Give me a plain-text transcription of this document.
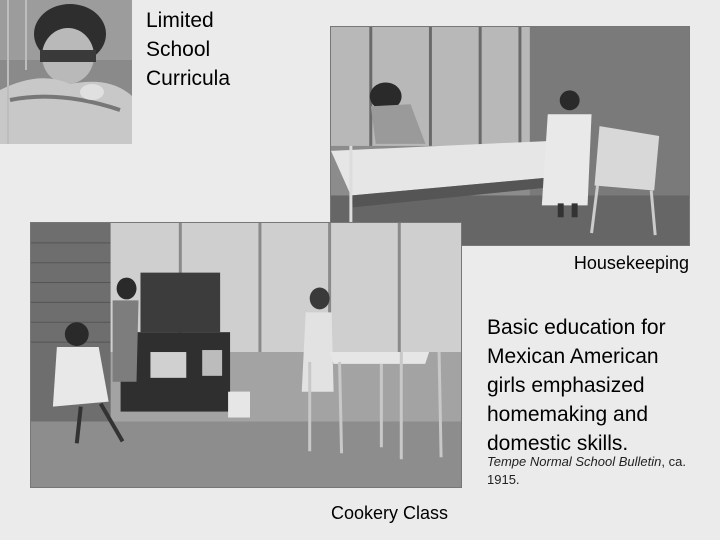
Limited
School
Curricula
Housekeeping
Cookery Class
Basic education for Mexican American girls emphasized homemaking and domestic skills.
Tempe Normal School Bulletin, ca. 1915.
